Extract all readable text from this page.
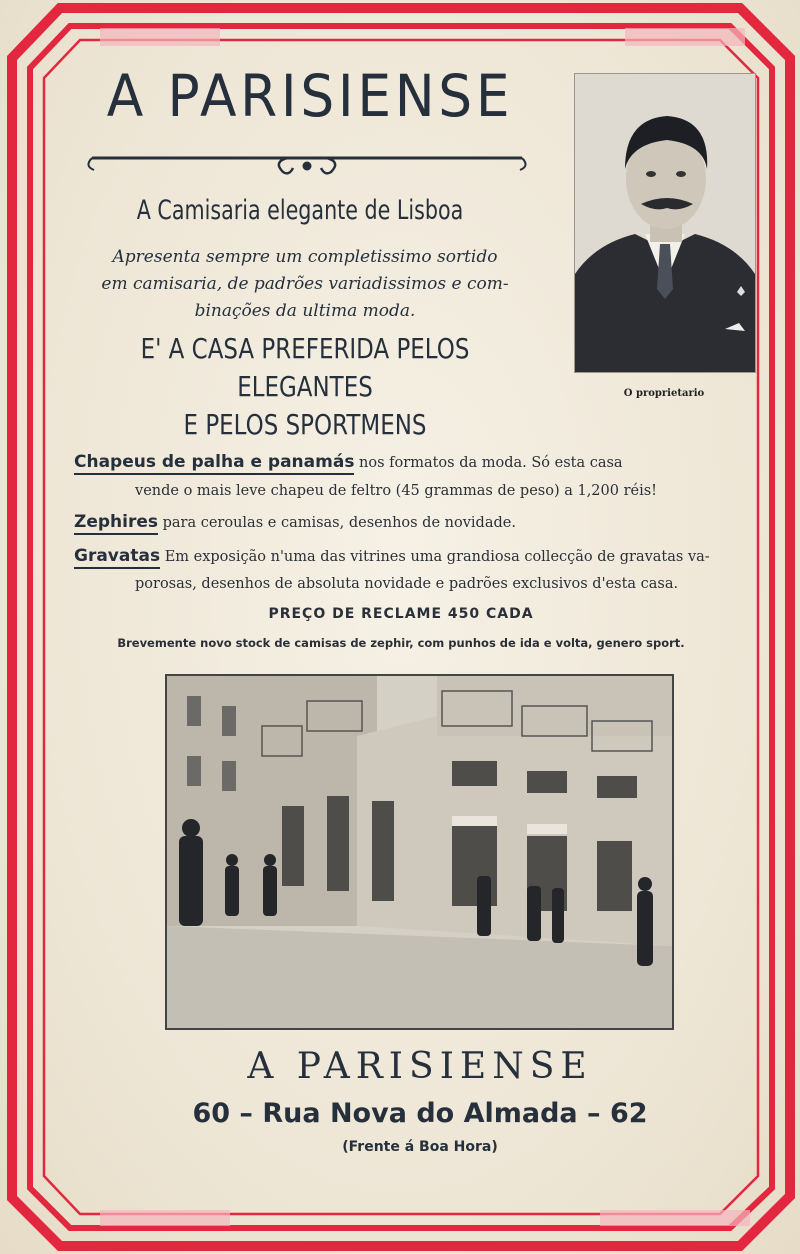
A PARISIENSE
A Camisaria elegante de Lisboa
Apresenta sempre um completissimo sortido
em camisaria, de padrões variadissimos e com-
binações da ultima moda.
E' A CASA PREFERIDA PELOS ELEGANTES
E PELOS SPORTMENS
O proprietario
Chapeus de palha e panamás nos formatos da moda. Só esta casa
vende o mais leve chapeu de feltro (45 grammas de peso) a 1,200 réis!
Zephires para ceroulas e camisas, desenhos de novidade.
Gravatas Em exposição n'uma das vitrines uma grandiosa collecção de gravatas va-
porosas, desenhos de absoluta novidade e padrões exclusivos d'esta casa.
PREÇO DE RECLAME 450 CADA
Brevemente novo stock de camisas de zephir, com punhos de ida e volta, genero sport.
A PARISIENSE
60 – Rua Nova do Almada – 62
(Frente á Boa Hora)
